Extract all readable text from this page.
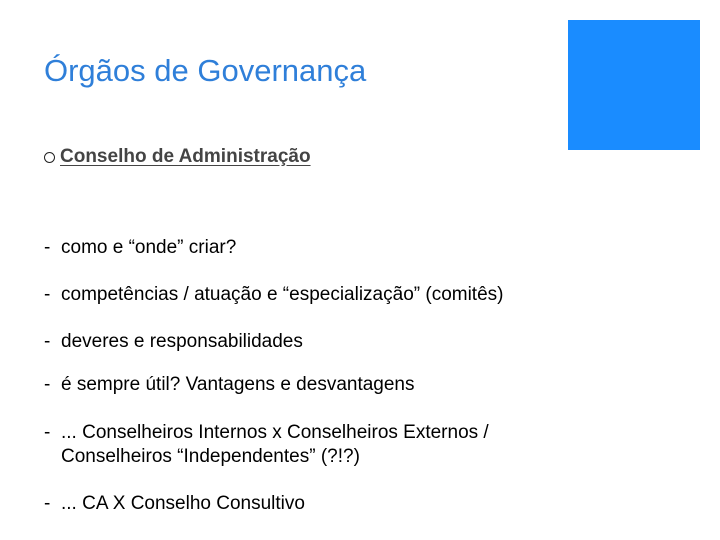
Órgãos de Governança
Conselho de Administração
- como e “onde” criar?
- competências / atuação e “especialização” (comitês)
- deveres e responsabilidades
- é sempre útil? Vantagens e desvantagens
- ... Conselheiros Internos x Conselheiros Externos /
Conselheiros “Independentes” (?!?)
- ... CA X Conselho Consultivo
